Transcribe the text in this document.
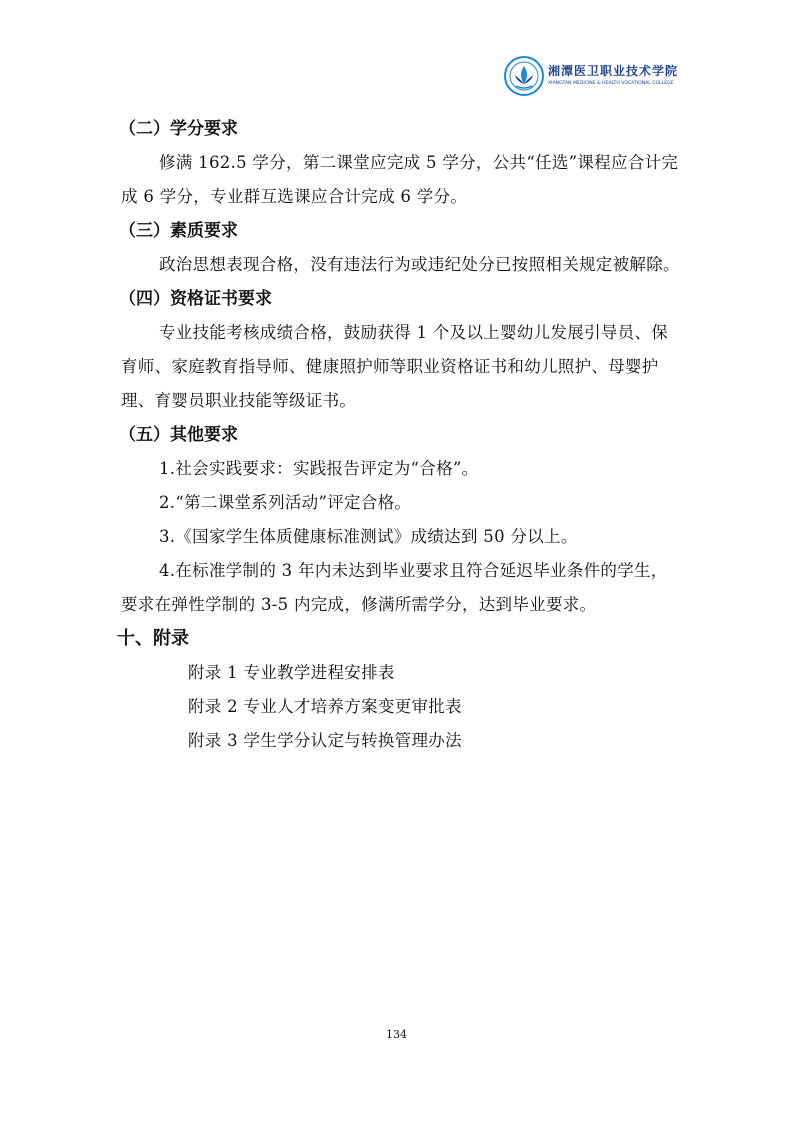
湘潭医卫职业技术学院
XIANGTAN MEDICINE & HEALTH VOCATIONAL COLLEGE
（二）学分要求
修满 162.5 学分，第二课堂应完成 5 学分，公共“任选”课程应合计完成 6 学分，专业群互选课应合计完成 6 学分。
（三）素质要求
政治思想表现合格，没有违法行为或违纪处分已按照相关规定被解除。
（四）资格证书要求
专业技能考核成绩合格，鼓励获得 1 个及以上婴幼儿发展引导员、保育师、家庭教育指导师、健康照护师等职业资格证书和幼儿照护、母婴护理、育婴员职业技能等级证书。
（五）其他要求
1.社会实践要求：实践报告评定为“合格”。
2.“第二课堂系列活动”评定合格。
3.《国家学生体质健康标准测试》成绩达到 50 分以上。
4.在标准学制的 3 年内未达到毕业要求且符合延迟毕业条件的学生，要求在弹性学制的 3-5 内完成，修满所需学分，达到毕业要求。
十、附录
附录 1 专业教学进程安排表
附录 2 专业人才培养方案变更审批表
附录 3 学生学分认定与转换管理办法
134
